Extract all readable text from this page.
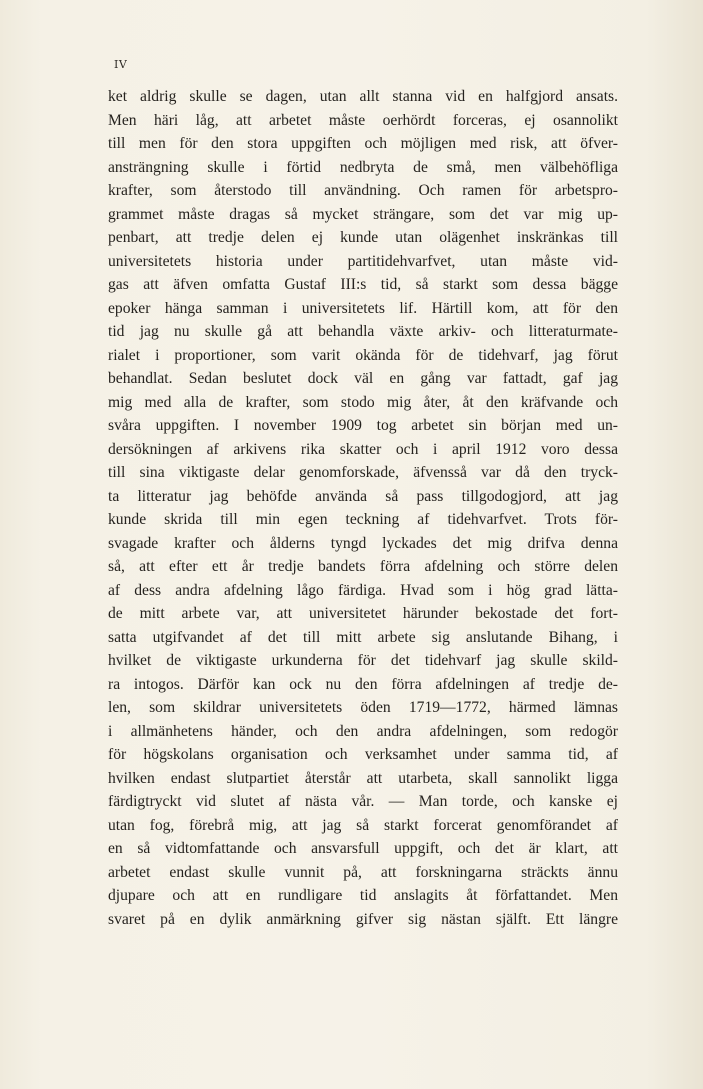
IV
ket aldrig skulle se dagen, utan allt stanna vid en halfgjord ansats.
Men häri låg, att arbetet måste oerhördt forceras, ej osannolikt
till men för den stora uppgiften och möjligen med risk, att öfver-
ansträngning skulle i förtid nedbryta de små, men välbehöfliga
krafter, som återstodo till användning. Och ramen för arbetspro-
grammet måste dragas så mycket strängare, som det var mig up-
penbart, att tredje delen ej kunde utan olägenhet inskränkas till
universitetets historia under partitidehvarfvet, utan måste vid-
gas att äfven omfatta Gustaf III:s tid, så starkt som dessa bägge
epoker hänga samman i universitetets lif. Härtill kom, att för den
tid jag nu skulle gå att behandla växte arkiv- och litteraturmate-
rialet i proportioner, som varit okända för de tidehvarf, jag förut
behandlat. Sedan beslutet dock väl en gång var fattadt, gaf jag
mig med alla de krafter, som stodo mig åter, åt den kräfvande och
svåra uppgiften. I november 1909 tog arbetet sin början med un-
dersökningen af arkivens rika skatter och i april 1912 voro dessa
till sina viktigaste delar genomforskade, äfvensså var då den tryck-
ta litteratur jag behöfde använda så pass tillgodogjord, att jag
kunde skrida till min egen teckning af tidehvarfvet. Trots för-
svagade krafter och ålderns tyngd lyckades det mig drifva denna
så, att efter ett år tredje bandets förra afdelning och större delen
af dess andra afdelning lågo färdiga. Hvad som i hög grad lätta-
de mitt arbete var, att universitetet härunder bekostade det fort-
satta utgifvandet af det till mitt arbete sig anslutande Bihang, i
hvilket de viktigaste urkunderna för det tidehvarf jag skulle skild-
ra intogos. Därför kan ock nu den förra afdelningen af tredje de-
len, som skildrar universitetets öden 1719—1772, härmed lämnas
i allmänhetens händer, och den andra afdelningen, som redogör
för högskolans organisation och verksamhet under samma tid, af
hvilken endast slutpartiet återstår att utarbeta, skall sannolikt ligga
färdigtryckt vid slutet af nästa vår. — Man torde, och kanske ej
utan fog, förebrå mig, att jag så starkt forcerat genomförandet af
en så vidtomfattande och ansvarsfull uppgift, och det är klart, att
arbetet endast skulle vunnit på, att forskningarna sträckts ännu
djupare och att en rundligare tid anslagits åt författandet. Men
svaret på en dylik anmärkning gifver sig nästan själft. Ett längre
